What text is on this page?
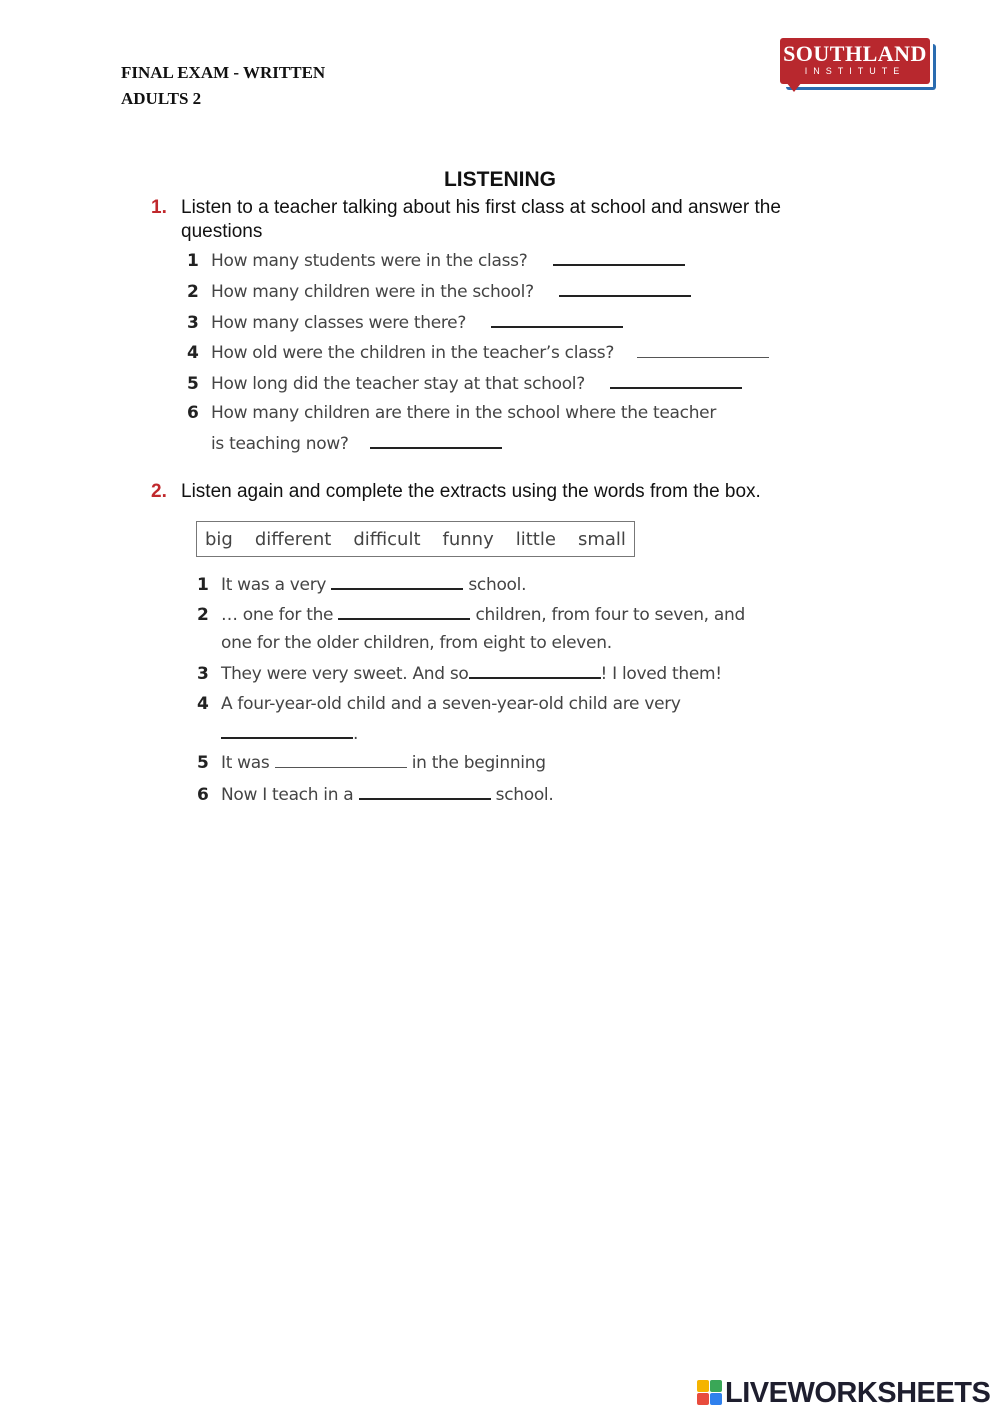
FINAL EXAM - WRITTEN
ADULTS 2
SOUTHLAND
INSTITUTE
LISTENING
1. Listen to a teacher talking about his first class at school and answer the
questions
1 How many students were in the class?
2 How many children were in the school?
3 How many classes were there?
4 How old were the children in the teacher’s class?
5 How long did the teacher stay at that school?
6 How many children are there in the school where the teacher
is teaching now?
2. Listen again and complete the extracts using the words from the box.
big different difficult funny little small
1 It was a very	school.
2 … one for the	children, from four to seven, and
one for the older children, from eight to eleven.
3 They were very sweet. And so	! I loved them!
4 A four-year-old child and a seven-year-old child are very
.
5 It was	in the beginning
6 Now I teach in a	school.
LIVEWORKSHEETS
